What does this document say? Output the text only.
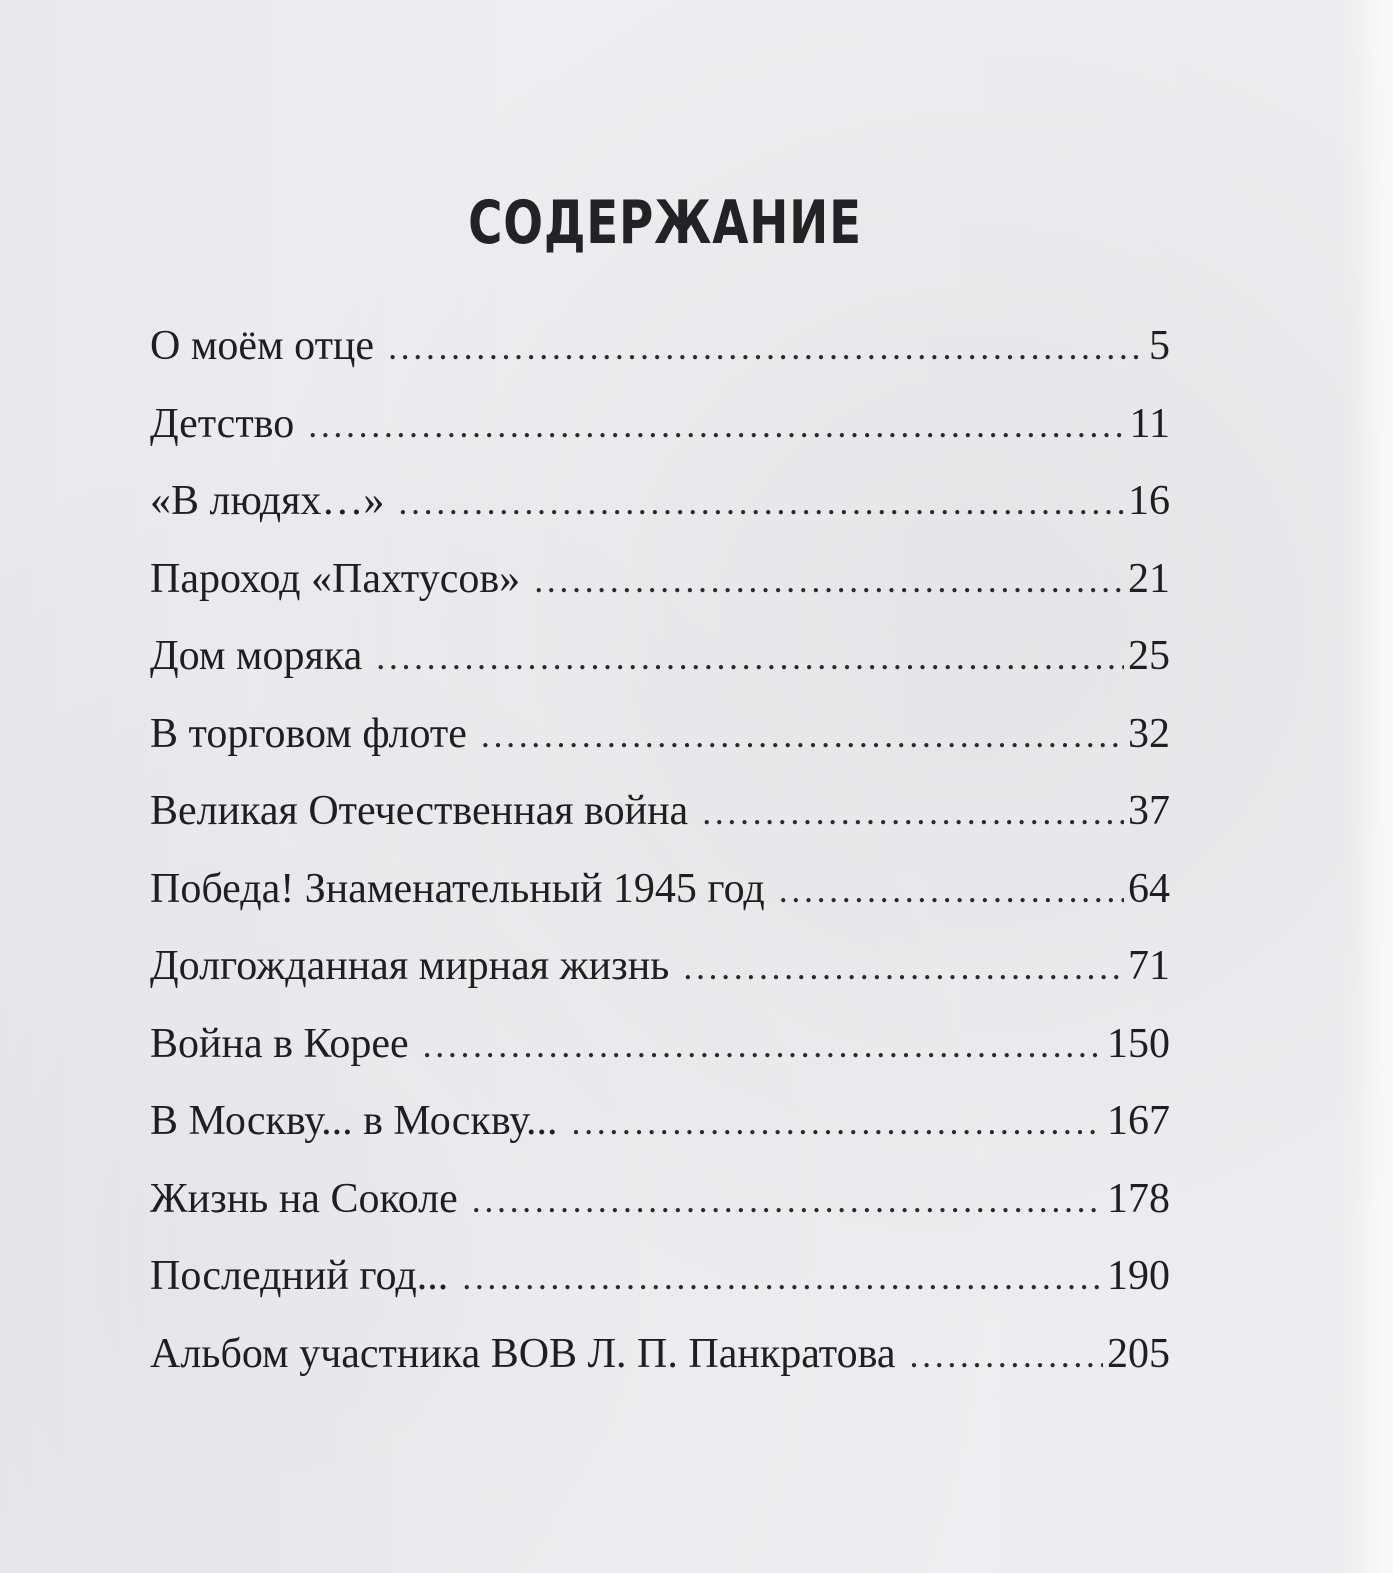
СОДЕРЖАНИЕ
О моём отце .....	5
Детство .....	11
«В людях…» .....	16
Пароход «Пахтусов» .....	21
Дом моряка .....	25
В торговом флоте .....	32
Великая Отечественная война .....	37
Победа! Знаменательный 1945 год .....	64
Долгожданная мирная жизнь .....	71
Война в Корее .....	150
В Москву... в Москву... .....	167
Жизнь на Соколе .....	178
Последний год... .....	190
Альбом участника ВОВ Л. П. Панкратова .....	205
